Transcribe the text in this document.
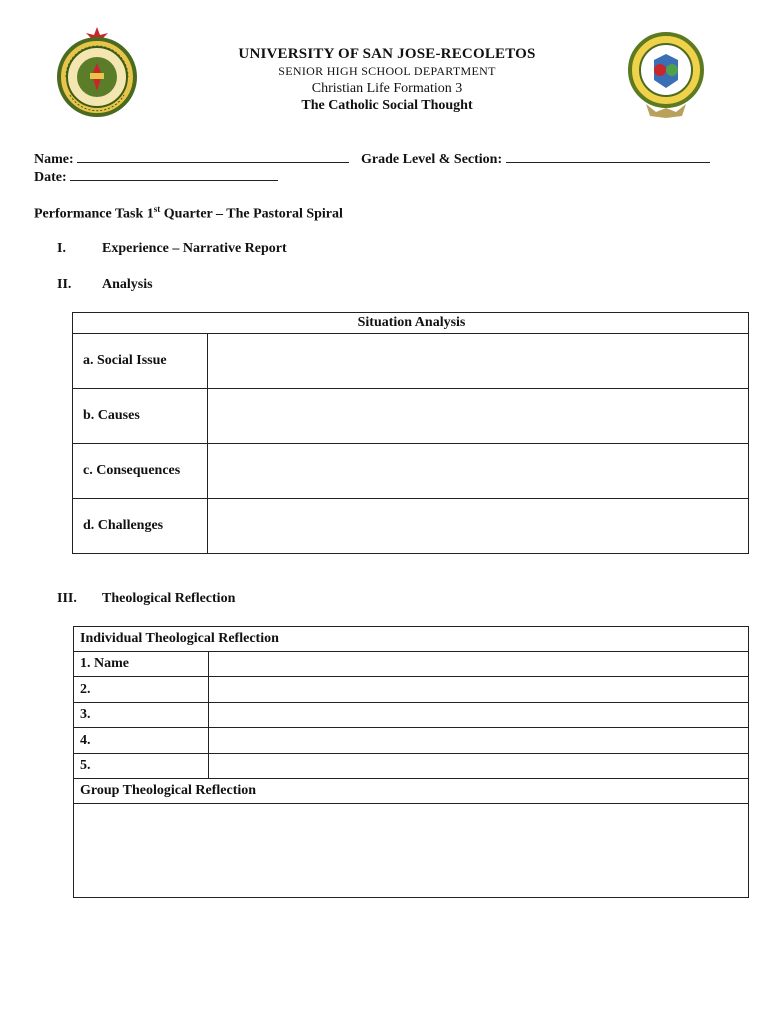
UNIVERSITY OF SAN JOSE-RECOLETOS
SENIOR HIGH SCHOOL DEPARTMENT
Christian Life Formation 3
The Catholic Social Thought
Name:	Grade Level & Section:
Date:
Performance Task 1st Quarter – The Pastoral Spiral
I.	Experience – Narrative Report
II. Analysis
Situation Analysis	
a. Social Issue	
b. Causes	
c. Consequences	
d. Challenges	
III. Theological Reflection
Individual Theological Reflection	
1. Name	
2.	
3.	
4.	
5.	
Group Theological Reflection	
